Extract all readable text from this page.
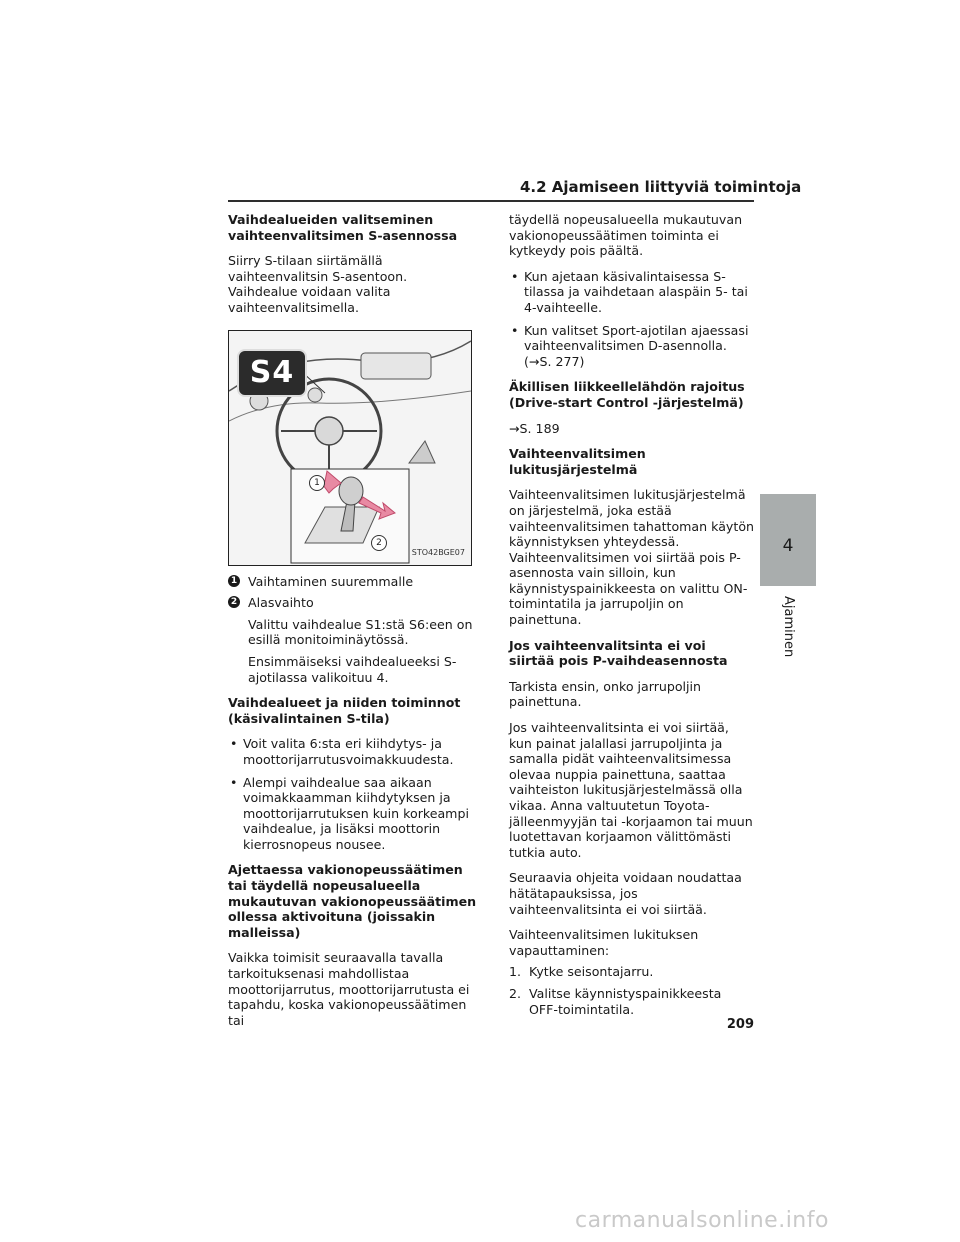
4.2 Ajamiseen liittyviä toimintoja
Vaihdealueiden valitseminen vaihteenvalitsimen S-asennossa
Siirry S-tilaan siirtämällä vaihteenvalitsin S-asentoon. Vaihdealue voidaan valita vaihteenvalitsimella.
S4
1
2
STO42BGE07
1 Vaihtaminen suuremmalle
2 Alasvaihto
Valittu vaihdealue S1:stä S6:een on esillä monitoiminäytössä.
Ensimmäiseksi vaihdealueeksi S-ajotilassa valikoituu 4.
Vaihdealueet ja niiden toiminnot (käsivalintainen S-tila)
• Voit valita 6:sta eri kiihdytys- ja moottorijarrutusvoimakkuudesta.
• Alempi vaihdealue saa aikaan voimakkaamman kiihdytyksen ja moottorijarrutuksen kuin korkeampi vaihdealue, ja lisäksi moottorin kierrosnopeus nousee.
Ajettaessa vakionopeussäätimen tai täydellä nopeusalueella mukautuvan vakionopeussäätimen ollessa aktivoituna (joissakin malleissa)
Vaikka toimisit seuraavalla tavalla tarkoituksenasi mahdollistaa moottorijarrutus, moottorijarrutusta ei tapahdu, koska vakionopeussäätimen tai
täydellä nopeusalueella mukautuvan vakionopeussäätimen toiminta ei kytkeydy pois päältä.
• Kun ajetaan käsivalintaisessa S-tilassa ja vaihdetaan alaspäin 5- tai 4-vaihteelle.
• Kun valitset Sport-ajotilan ajaessasi vaihteenvalitsimen D-asennolla. (→S. 277)
Äkillisen liikkeellelähdön rajoitus (Drive-start Control -järjestelmä)
→S. 189
Vaihteenvalitsimen lukitusjärjestelmä
Vaihteenvalitsimen lukitusjärjestelmä on järjestelmä, joka estää vaihteenvalitsimen tahattoman käytön käynnistyksen yhteydessä. Vaihteenvalitsimen voi siirtää pois P-asennosta vain silloin, kun käynnistyspainikkeesta on valittu ON-toimintatila ja jarrupoljin on painettuna.
Jos vaihteenvalitsinta ei voi siirtää pois P-vaihdeasennosta
Tarkista ensin, onko jarrupoljin painettuna.
Jos vaihteenvalitsinta ei voi siirtää, kun painat jalallasi jarrupoljinta ja samalla pidät vaihteenvalitsimessa olevaa nuppia painettuna, saattaa vaihteiston lukitusjärjestelmässä olla vikaa. Anna valtuutetun Toyota-jälleenmyyjän tai -korjaamon tai muun luotettavan korjaamon välittömästi tutkia auto.
Seuraavia ohjeita voidaan noudattaa hätätapauksissa, jos vaihteenvalitsinta ei voi siirtää.
Vaihteenvalitsimen lukituksen vapauttaminen:
1. Kytke seisontajarru.
2. Valitse käynnistyspainikkeesta OFF-toimintatila.
4
Ajaminen
209
carmanualsonline.info
